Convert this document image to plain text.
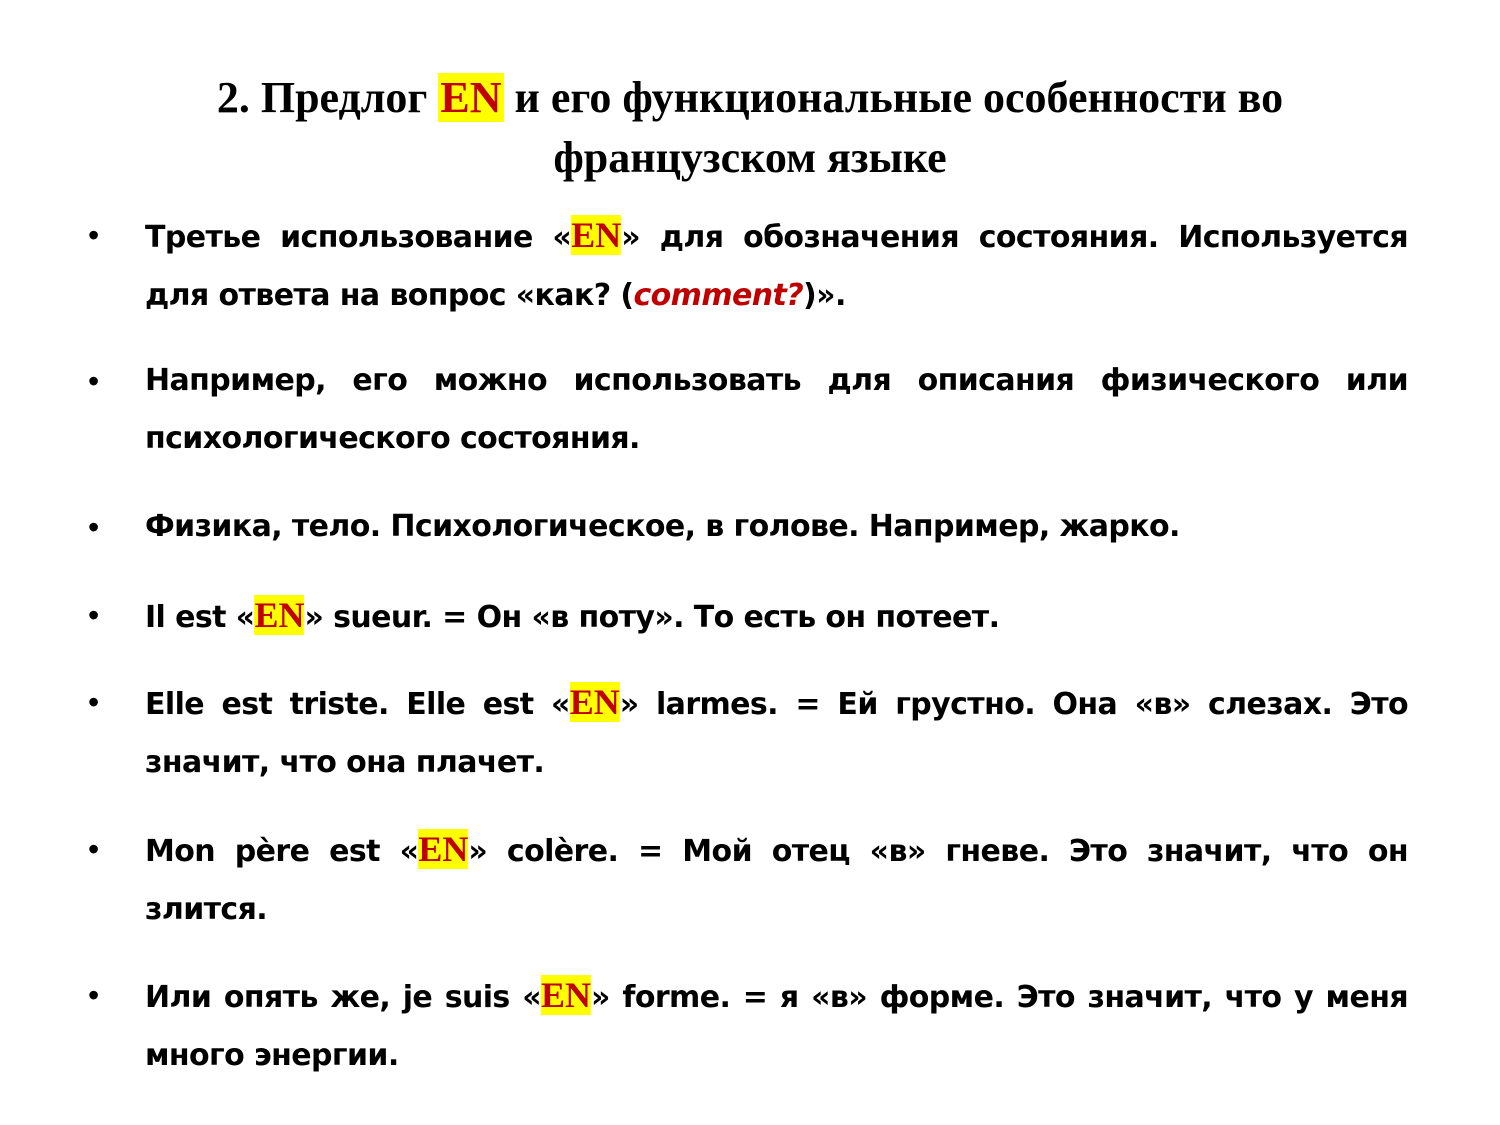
2. Предлог EN и его функциональные особенности во французском языке
•	Третье использование «EN» для обозначения состояния. Используется для ответа на вопрос «как? (comment?)».
•	Например, его можно использовать для описания физического или психологического состояния.
•	Физика, тело. Психологическое, в голове. Например, жарко.
•	Il est «EN» sueur. = Он «в поту». То есть он потеет.
•	Elle est triste. Elle est «EN» larmes. = Ей грустно. Она «в» слезах. Это значит, что она плачет.
•	Mon père est «EN» colère. = Мой отец «в» гневе. Это значит, что он злится.
•	Или опять же, je suis «EN» forme. = я «в» форме. Это значит, что у меня много энергии.
